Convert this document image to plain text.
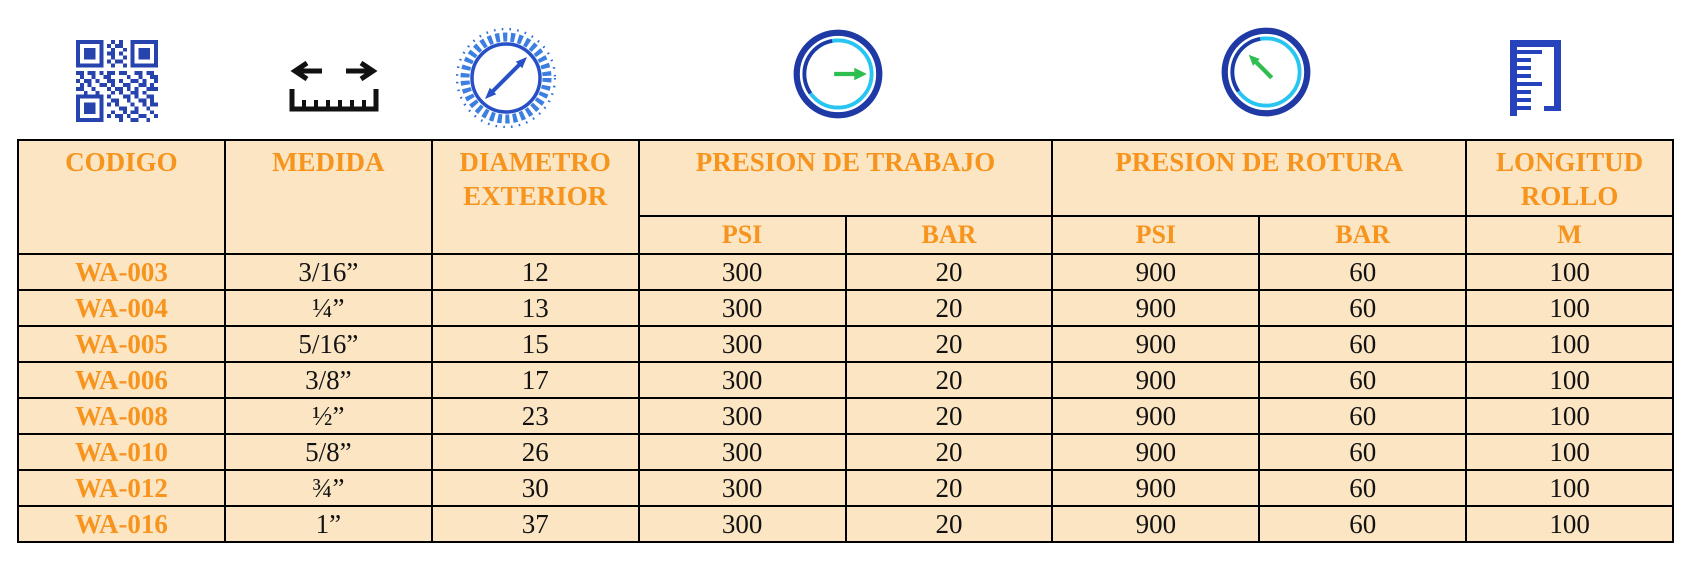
CODIGO	MEDIDA	DIAMETRO EXTERIOR	PRESION DE TRABAJO		PRESION DE ROTURA		LONGITUD ROLLO
			PSI	BAR	PSI	BAR	M
WA-003	3/16”	12	300	20	900	60	100
WA-004	¼”	13	300	20	900	60	100
WA-005	5/16”	15	300	20	900	60	100
WA-006	3/8”	17	300	20	900	60	100
WA-008	½”	23	300	20	900	60	100
WA-010	5/8”	26	300	20	900	60	100
WA-012	¾”	30	300	20	900	60	100
WA-016	1”	37	300	20	900	60	100
